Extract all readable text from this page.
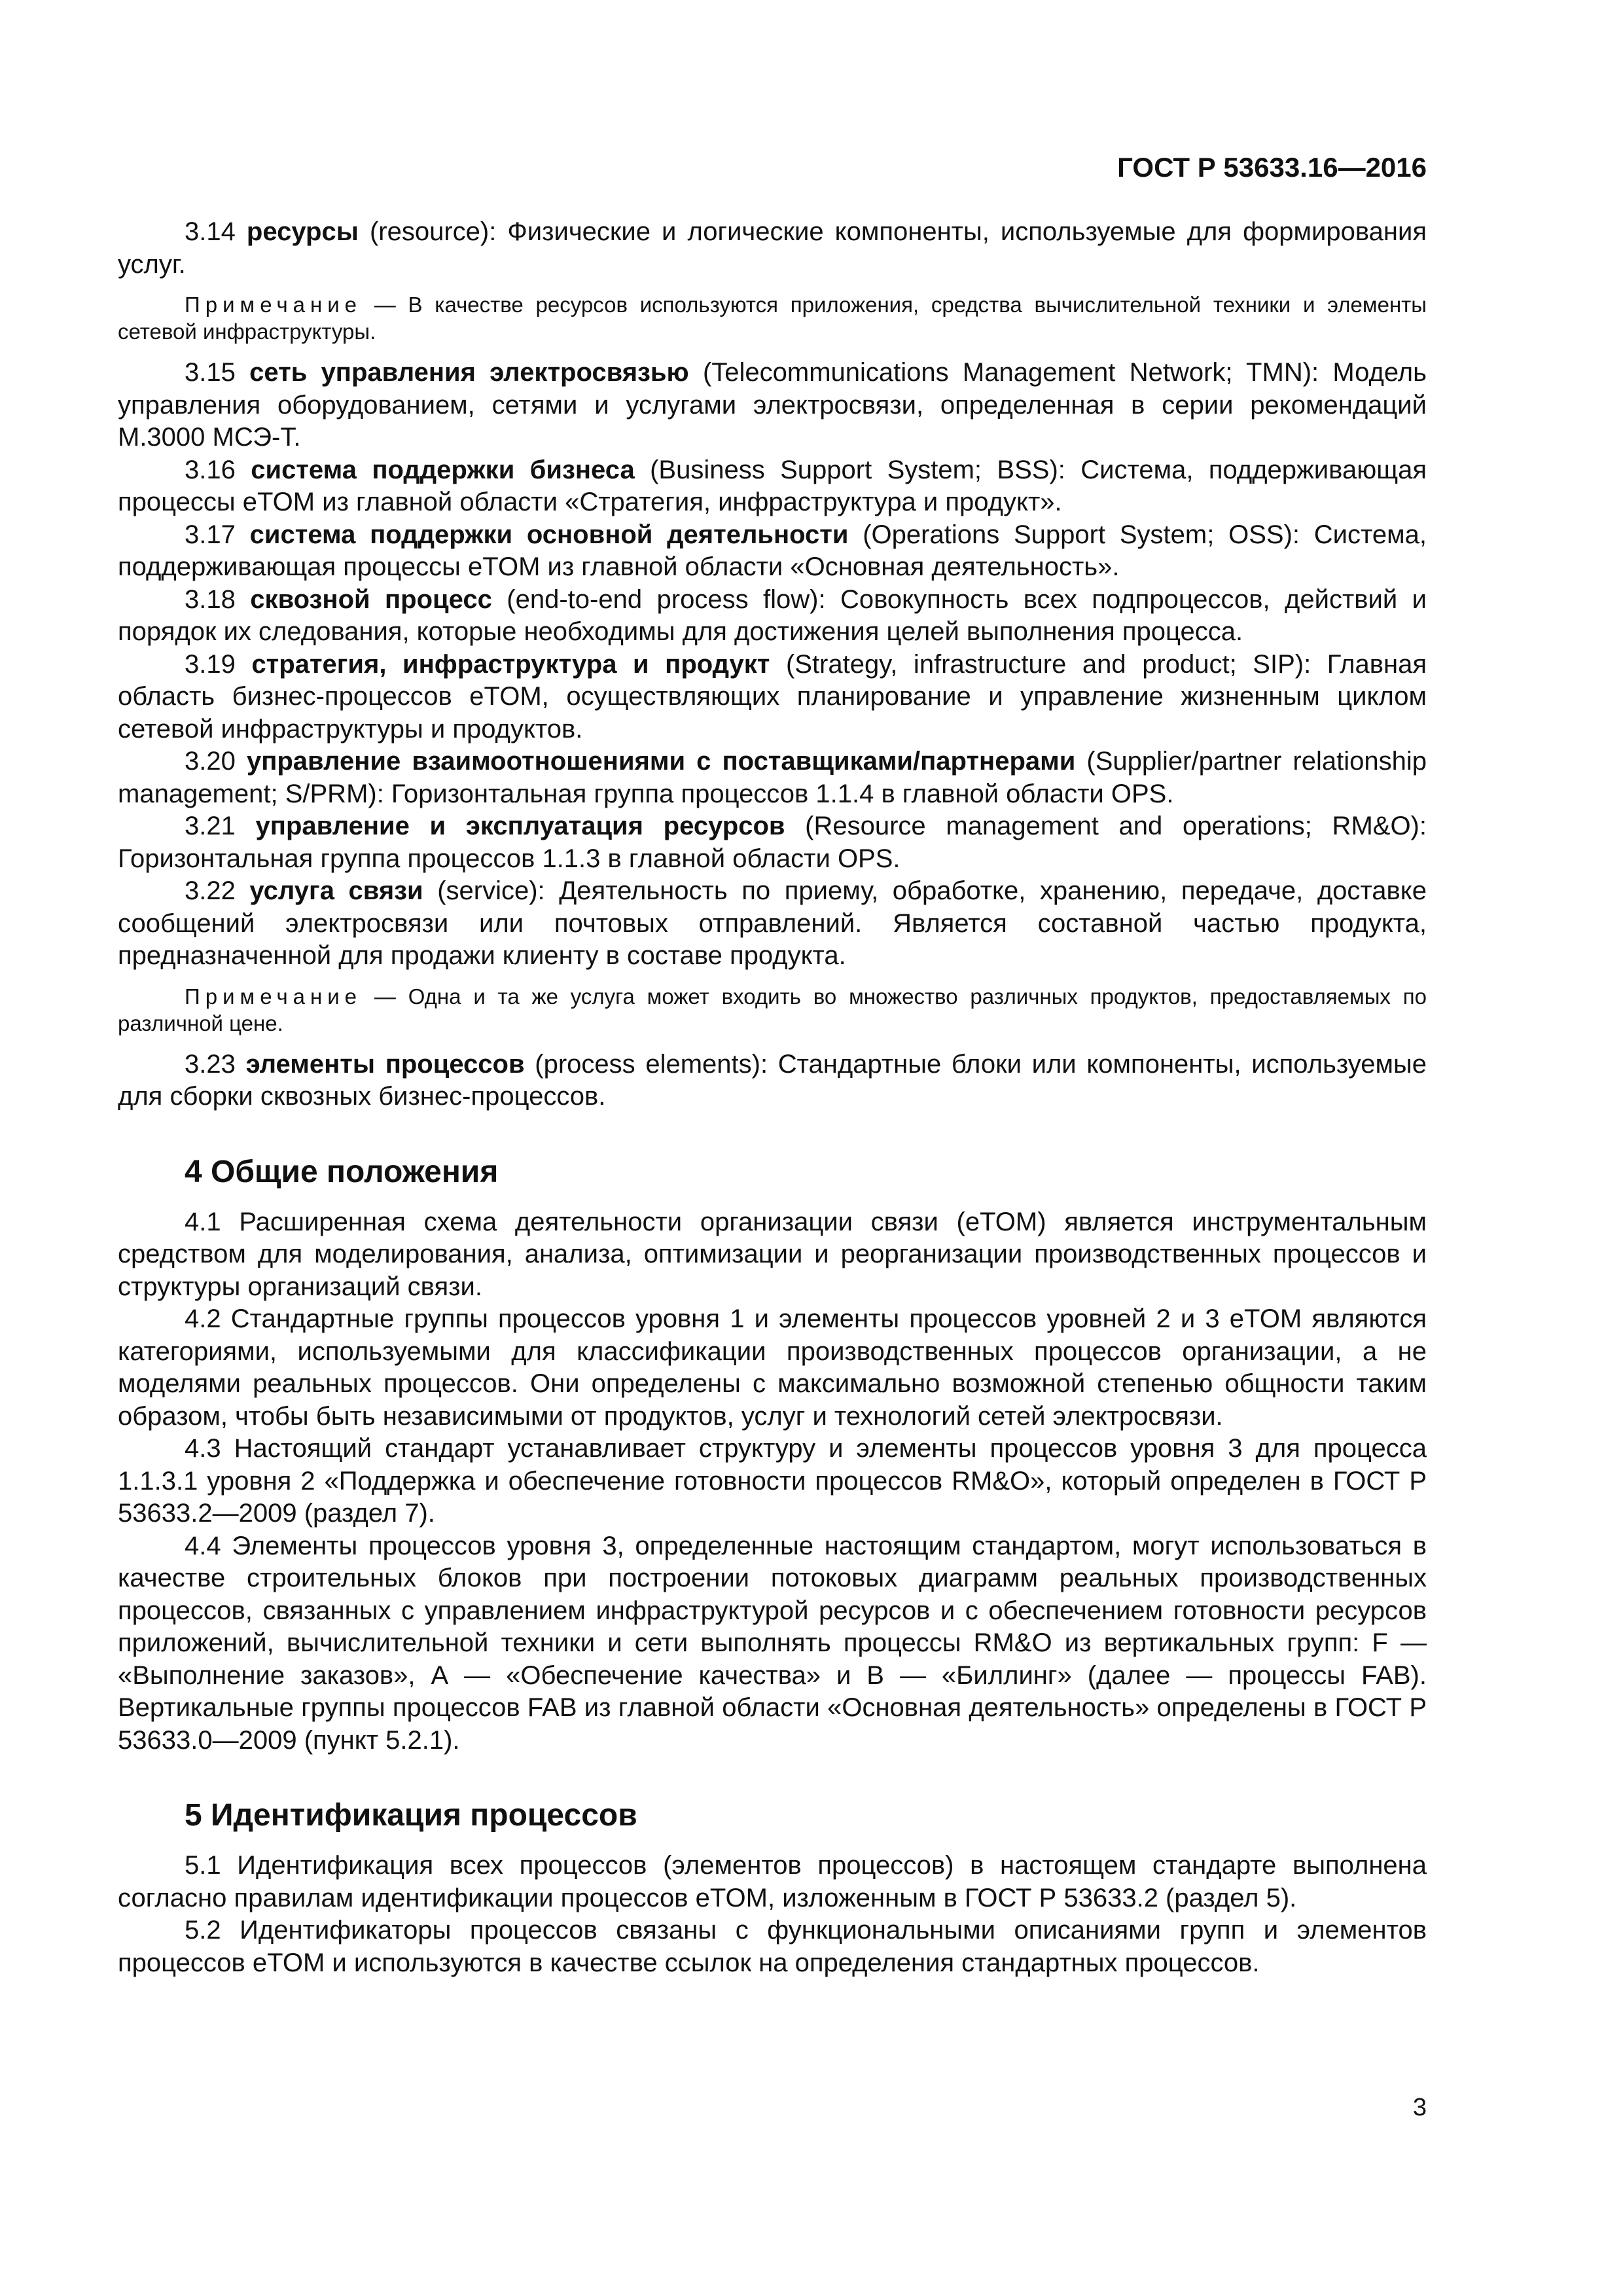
ГОСТ Р 53633.16—2016

3.14 ресурсы (resource): Физические и логические компоненты, используемые для формирования услуг.

Примечание — В качестве ресурсов используются приложения, средства вычислительной техники и элементы сетевой инфраструктуры.

3.15 сеть управления электросвязью (Telecommunications Management Network; TMN): Модель управления оборудованием, сетями и услугами электросвязи, определенная в серии рекомендаций М.3000 МСЭ-Т.

3.16 система поддержки бизнеса (Business Support System; BSS): Система, поддерживающая процессы eTOM из главной области «Стратегия, инфраструктура и продукт».

3.17 система поддержки основной деятельности (Operations Support System; OSS): Система, поддерживающая процессы eTOM из главной области «Основная деятельность».

3.18 сквозной процесс (end-to-end process flow): Совокупность всех подпроцессов, действий и порядок их следования, которые необходимы для достижения целей выполнения процесса.

3.19 стратегия, инфраструктура и продукт (Strategy, infrastructure and product; SIP): Главная область бизнес-процессов eTOM, осуществляющих планирование и управление жизненным циклом сетевой инфраструктуры и продуктов.

3.20 управление взаимоотношениями с поставщиками/партнерами (Supplier/partner relationship management; S/PRM): Горизонтальная группа процессов 1.1.4 в главной области OPS.

3.21 управление и эксплуатация ресурсов (Resource management and operations; RM&O): Горизонтальная группа процессов 1.1.3 в главной области OPS.

3.22 услуга связи (service): Деятельность по приему, обработке, хранению, передаче, доставке сообщений электросвязи или почтовых отправлений. Является составной частью продукта, предназначенной для продажи клиенту в составе продукта.

Примечание — Одна и та же услуга может входить во множество различных продуктов, предоставляемых по различной цене.

3.23 элементы процессов (process elements): Стандартные блоки или компоненты, используемые для сборки сквозных бизнес-процессов.

4 Общие положения

4.1 Расширенная схема деятельности организации связи (eTOM) является инструментальным средством для моделирования, анализа, оптимизации и реорганизации производственных процессов и структуры организаций связи.

4.2 Стандартные группы процессов уровня 1 и элементы процессов уровней 2 и 3 eTOM являются категориями, используемыми для классификации производственных процессов организации, а не моделями реальных процессов. Они определены с максимально возможной степенью общности таким образом, чтобы быть независимыми от продуктов, услуг и технологий сетей электросвязи.

4.3 Настоящий стандарт устанавливает структуру и элементы процессов уровня 3 для процесса 1.1.3.1 уровня 2 «Поддержка и обеспечение готовности процессов RM&O», который определен в ГОСТ Р 53633.2—2009 (раздел 7).

4.4 Элементы процессов уровня 3, определенные настоящим стандартом, могут использоваться в качестве строительных блоков при построении потоковых диаграмм реальных производственных процессов, связанных с управлением инфраструктурой ресурсов и с обеспечением готовности ресурсов приложений, вычислительной техники и сети выполнять процессы RM&O из вертикальных групп: F — «Выполнение заказов», А — «Обеспечение качества» и В — «Биллинг» (далее — процессы FAB). Вертикальные группы процессов FAB из главной области «Основная деятельность» определены в ГОСТ Р 53633.0—2009 (пункт 5.2.1).

5 Идентификация процессов

5.1 Идентификация всех процессов (элементов процессов) в настоящем стандарте выполнена согласно правилам идентификации процессов eTOM, изложенным в ГОСТ Р 53633.2 (раздел 5).

5.2 Идентификаторы процессов связаны с функциональными описаниями групп и элементов процессов eTOM и используются в качестве ссылок на определения стандартных процессов.

3
